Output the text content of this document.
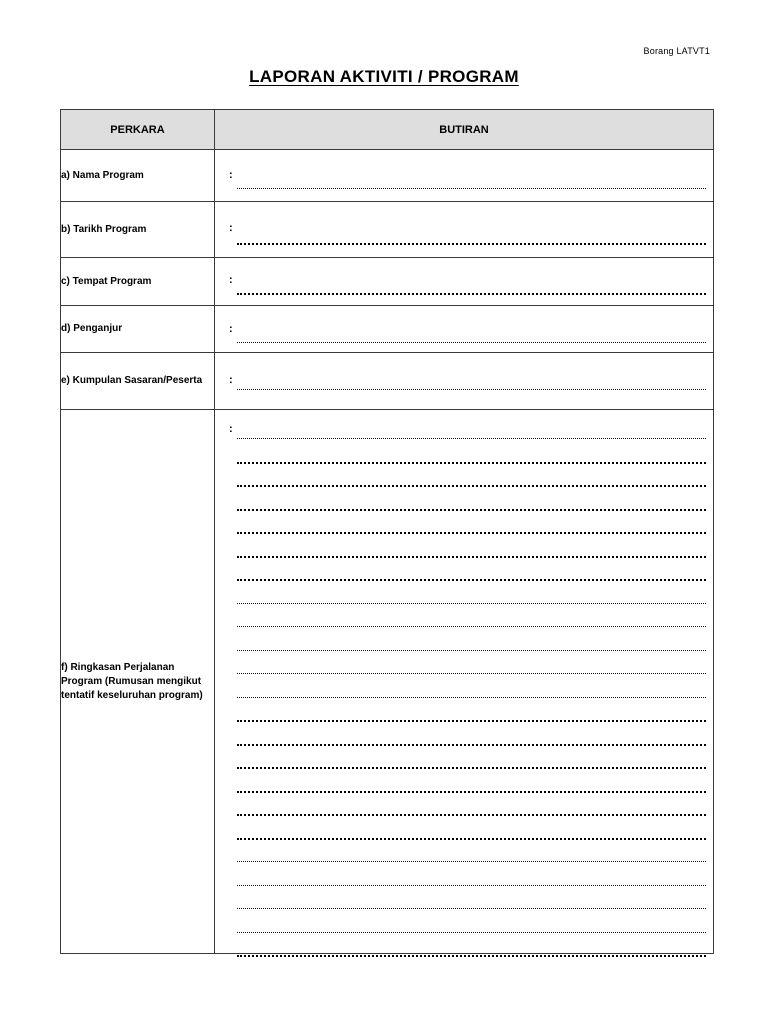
Borang LATVT1
LAPORAN AKTIVITI / PROGRAM
PERKARA	BUTIRAN
a) Nama Program	:

b) Tarikh Program	:

c) Tempat Program	:

d) Penganjur	:

e) Kumpulan Sasaran/Peserta	:

f) Ringkasan Perjalanan Program (Rumusan mengikut tentatif keseluruhan program)	:
